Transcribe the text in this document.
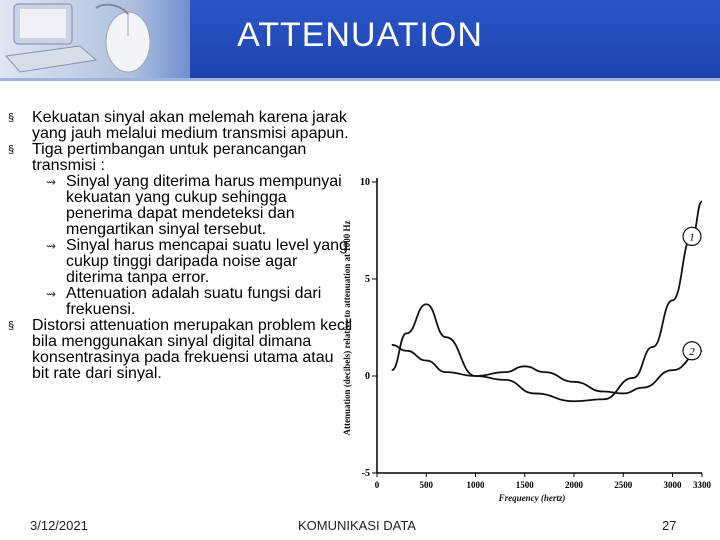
ATTENUATION
§	Kekuatan sinyal akan melemah karena jarak yang jauh melalui medium transmisi apapun.
§	Tiga pertimbangan untuk perancangan transmisi :
⇝ Sinyal yang diterima harus mempunyai kekuatan yang cukup sehingga penerima dapat mendeteksi dan mengartikan sinyal tersebut.
⇝ Sinyal harus mencapai suatu level yang cukup tinggi daripada noise agar diterima tanpa error.
⇝ Attenuation adalah suatu fungsi dari frekuensi.
§	Distorsi attenuation merupakan problem kecil bila menggunakan sinyal digital dimana konsentrasinya pada frekuensi utama atau bit rate dari sinyal.	Attenuation (decibels) relative to attenuation at 1000 Hz
Frequency (hertz)
0	500	1000	1500	2000	2500	3000 3300
10
5
0
-5
1
2
3/12/2021	KOMUNIKASI DATA	27
